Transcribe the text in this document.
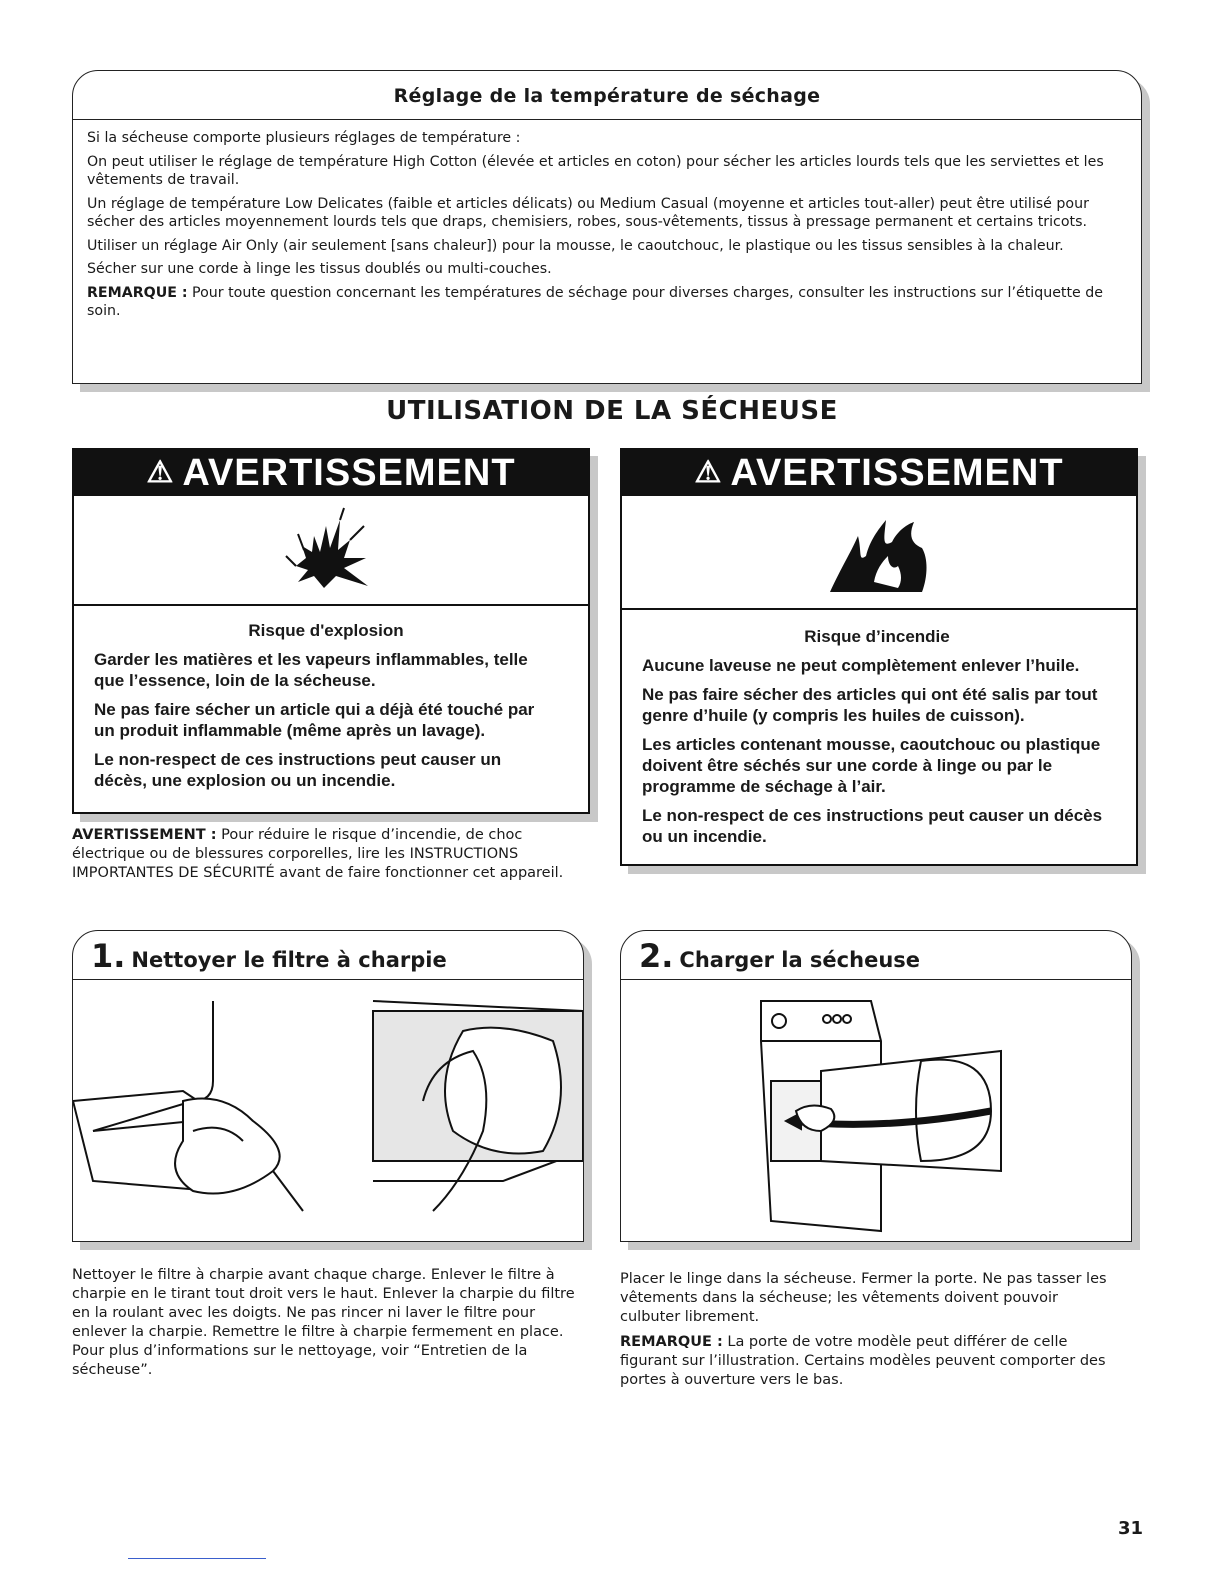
Réglage de la température de séchage

Si la sécheuse comporte plusieurs réglages de température :

On peut utiliser le réglage de température High Cotton (élevée et articles en coton) pour sécher les articles lourds tels que les serviettes et les vêtements de travail.

Un réglage de température Low Delicates (faible et articles délicats) ou Medium Casual (moyenne et articles tout-aller) peut être utilisé pour sécher des articles moyennement lourds tels que draps, chemisiers, robes, sous-vêtements, tissus à pressage permanent et certains tricots.

Utiliser un réglage Air Only (air seulement [sans chaleur]) pour la mousse, le caoutchouc, le plastique ou les tissus sensibles à la chaleur.

Sécher sur une corde à linge les tissus doublés ou multi-couches.

REMARQUE : Pour toute question concernant les températures de séchage pour diverses charges, consulter les instructions sur l’étiquette de soin.

UTILISATION DE LA SÉCHEUSE
⚠ AVERTISSEMENT
Risque d'explosion

Garder les matières et les vapeurs inflammables, telle que l’essence, loin de la sécheuse.

Ne pas faire sécher un article qui a déjà été touché par un produit inflammable (même après un lavage).

Le non-respect de ces instructions peut causer un décès, une explosion ou un incendie.

⚠ AVERTISSEMENT
Risque d’incendie

Aucune laveuse ne peut complètement enlever l’huile.

Ne pas faire sécher des articles qui ont été salis par tout genre d’huile (y compris les huiles de cuisson).

Les articles contenant mousse, caoutchouc ou plastique doivent être séchés sur une corde à linge ou par le programme de séchage à l’air.

Le non-respect de ces instructions peut causer un décès ou un incendie.

AVERTISSEMENT : Pour réduire le risque d’incendie, de choc électrique ou de blessures corporelles, lire les INSTRUCTIONS IMPORTANTES DE SÉCURITÉ avant de faire fonctionner cet appareil.
1. Nettoyer le filtre à charpie	2. Charger la sécheuse

Nettoyer le filtre à charpie avant chaque charge. Enlever le filtre à charpie en le tirant tout droit vers le haut. Enlever la charpie du filtre en la roulant avec les doigts. Ne pas rincer ni laver le filtre pour enlever la charpie. Remettre le filtre à charpie fermement en place. Pour plus d’informations sur le nettoyage, voir “Entretien de la sécheuse”.

Placer le linge dans la sécheuse. Fermer la porte. Ne pas tasser les vêtements dans la sécheuse; les vêtements doivent pouvoir culbuter librement.

REMARQUE : La porte de votre modèle peut différer de celle figurant sur l’illustration. Certains modèles peuvent comporter des portes à ouverture vers le bas.

31
